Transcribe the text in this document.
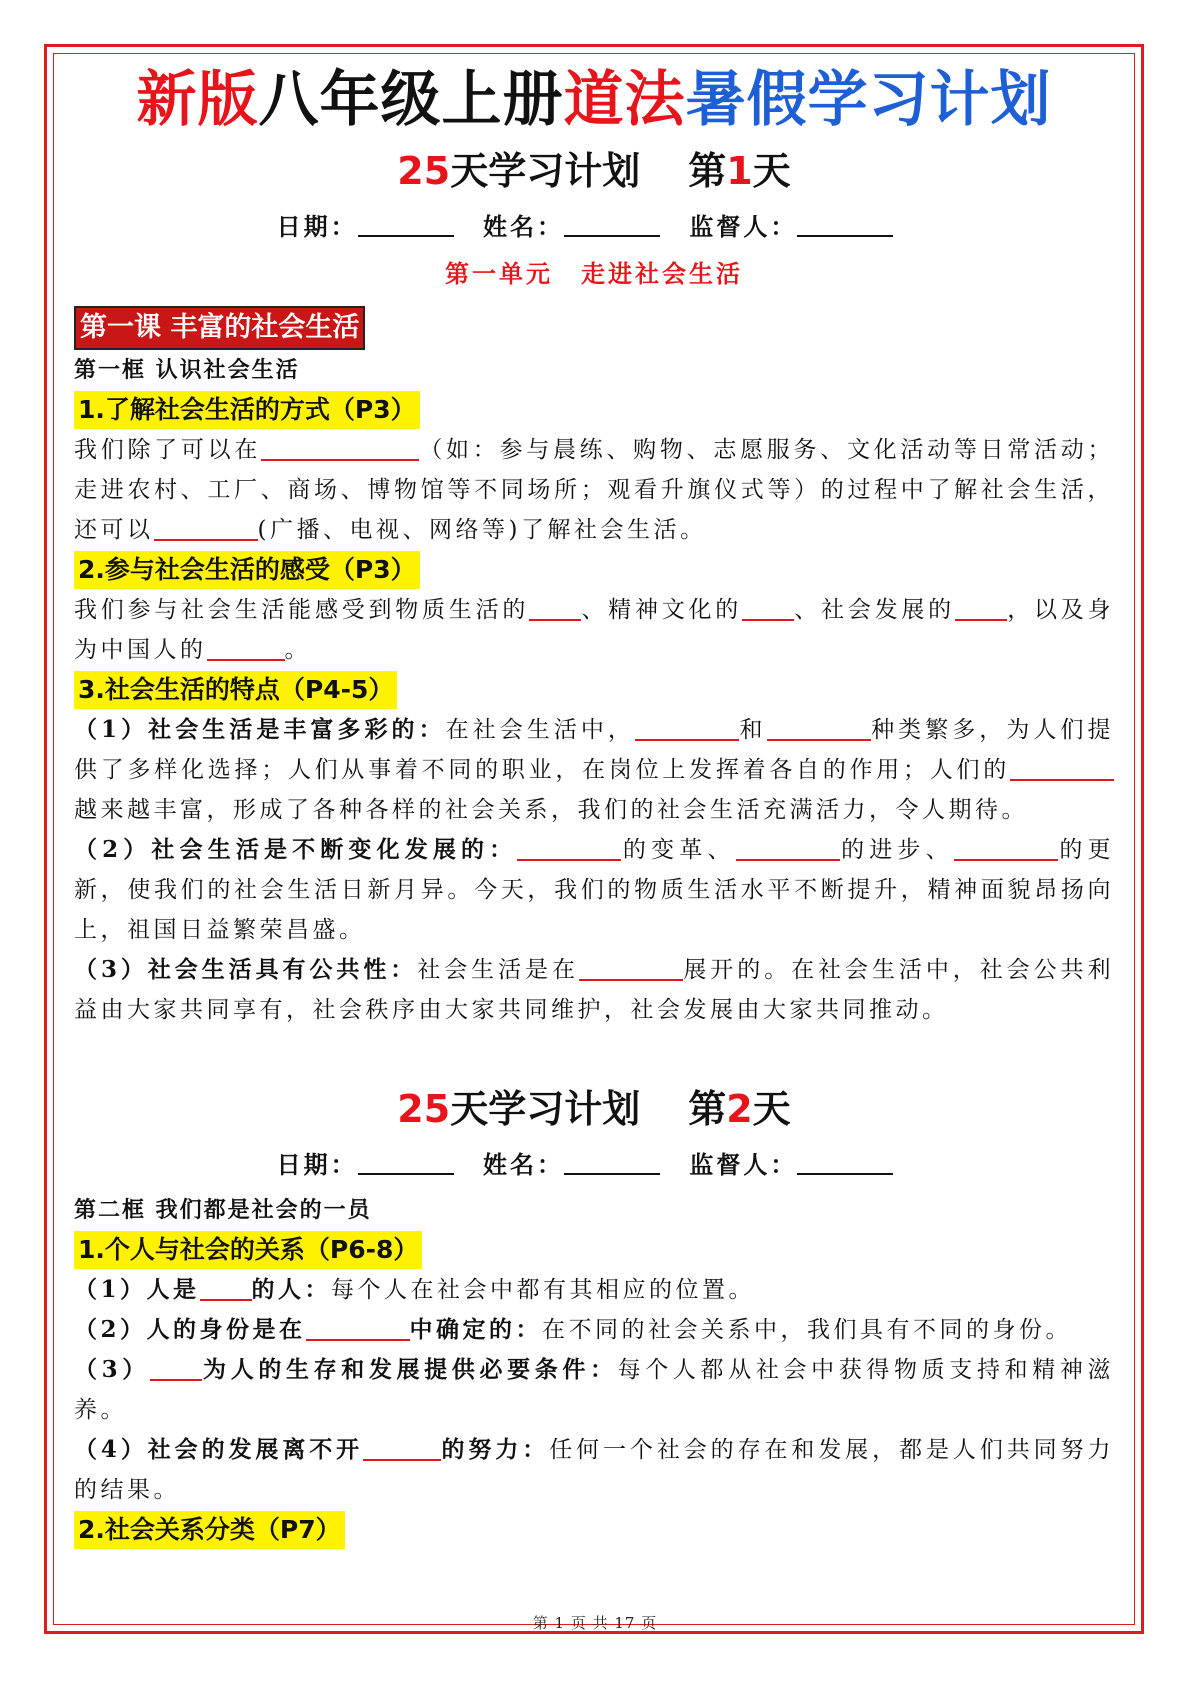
新版八年级上册道法暑假学习计划
25天学习计划 第1天
日期：	姓名：	监督人：
第一单元 走进社会生活
第一课 丰富的社会生活
第一框 认识社会生活
1.了解社会生活的方式（P3）

我们除了可以在	（如：参与晨练、购物、志愿服务、文化活动等日常活动；走进农村、工厂、商场、博物馆等不同场所；观看升旗仪式等）的过程中了解社会生活，还可以	(广播、电视、网络等)了解社会生活。

2.参与社会生活的感受（P3）

我们参与社会生活能感受到物质生活的 、精神文化的 、社会发展的 ，以及身为中国人的	。

3.社会生活的特点（P4-5）

（1）社会生活是丰富多彩的：在社会生活中，	和	种类繁多，为人们提供了多样化选择；人们从事着不同的职业，在岗位上发挥着各自的作用；人们的越来越丰富，形成了各种各样的社会关系，我们的社会生活充满活力，令人期待。

（2）社会生活是不断变化发展的：	的变革、	的进步、	的更新，使我们的社会生活日新月异。今天，我们的物质生活水平不断提升，精神面貌昂扬向上，祖国日益繁荣昌盛。

（3）社会生活具有公共性：社会生活是在	展开的。在社会生活中，社会公共利益由大家共同享有，社会秩序由大家共同维护，社会发展由大家共同推动。

25天学习计划 第2天
日期：	姓名：	监督人：
第二框 我们都是社会的一员
1.个人与社会的关系（P6-8）

（1）人是 的人：每个人在社会中都有其相应的位置。

（2）人的身份是在	中确定的：在不同的社会关系中，我们具有不同的身份。

（3） 为人的生存和发展提供必要条件：每个人都从社会中获得物质支持和精神滋养。

（4）社会的发展离不开	的努力：任何一个社会的存在和发展，都是人们共同努力的结果。

2.社会关系分类（P7）
第 1 页 共 17 页
